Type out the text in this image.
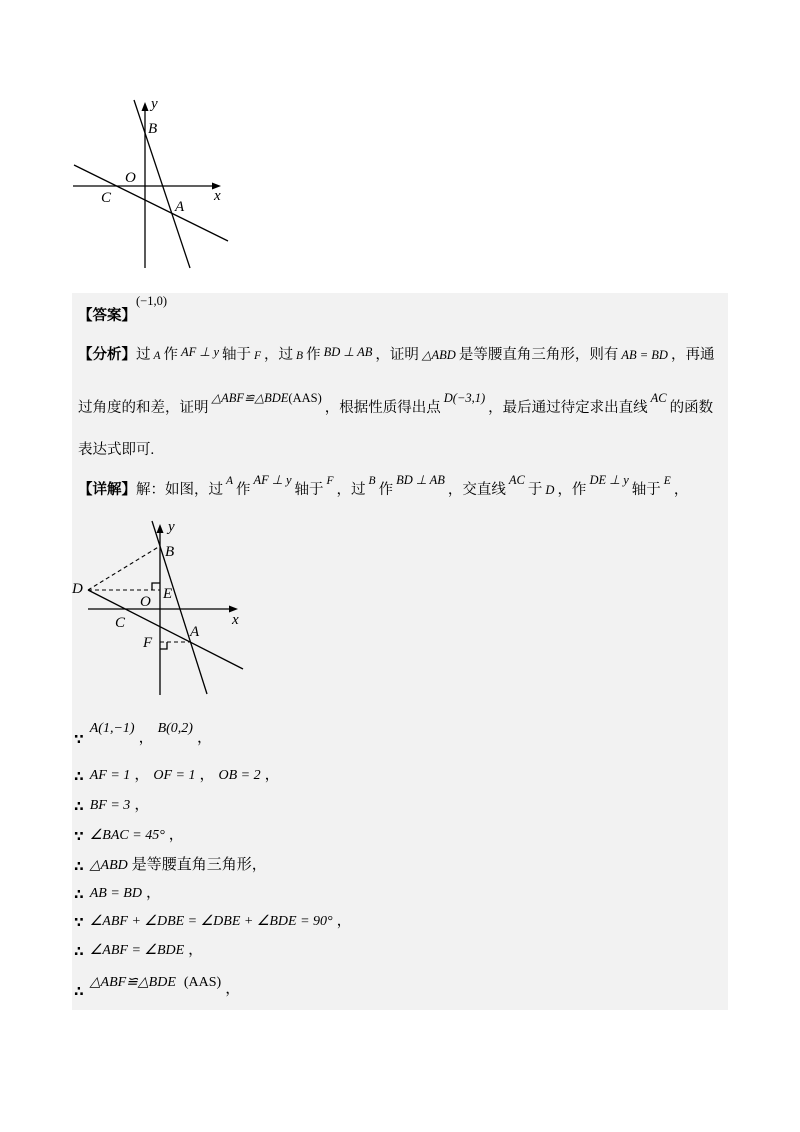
y
B
O
C
A
x
【答案】
(−1,0)
【分析】 过 A 作 AF ⊥ y 轴于 F ，过 B 作 BD ⊥ AB ，证明 △ABD 是等腰直角三角形，则有 AB = BD ，再通
过角度的和差，证明
△ABF≌△BDE (AAS)
，根据性质得出点
D(−3,1)
，最后通过待定求出直线
AC
的函数
表达式即可.
【详解】 解：如图，过
A
作
AF ⊥ y
轴于
F
，过
B
作
BD ⊥ AB
，交直线
AC
于 D ，作
DE ⊥ y
轴于
E
，
y
B
D
O E
C
A
F
x
∵
A(1,−1)
，
B(0,2)
，
∴ AF = 1 ， OF = 1 ， OB = 2 ，
∴ BF = 3 ，
∵ ∠BAC = 45° ，
∴ △ABD 是等腰直角三角形，
∴ AB = BD ，
∵ ∠ABF + ∠DBE = ∠DBE + ∠BDE = 90° ，
∴ ∠ABF = ∠BDE ，
∴
△ABF≌△BDE (AAS) ，
